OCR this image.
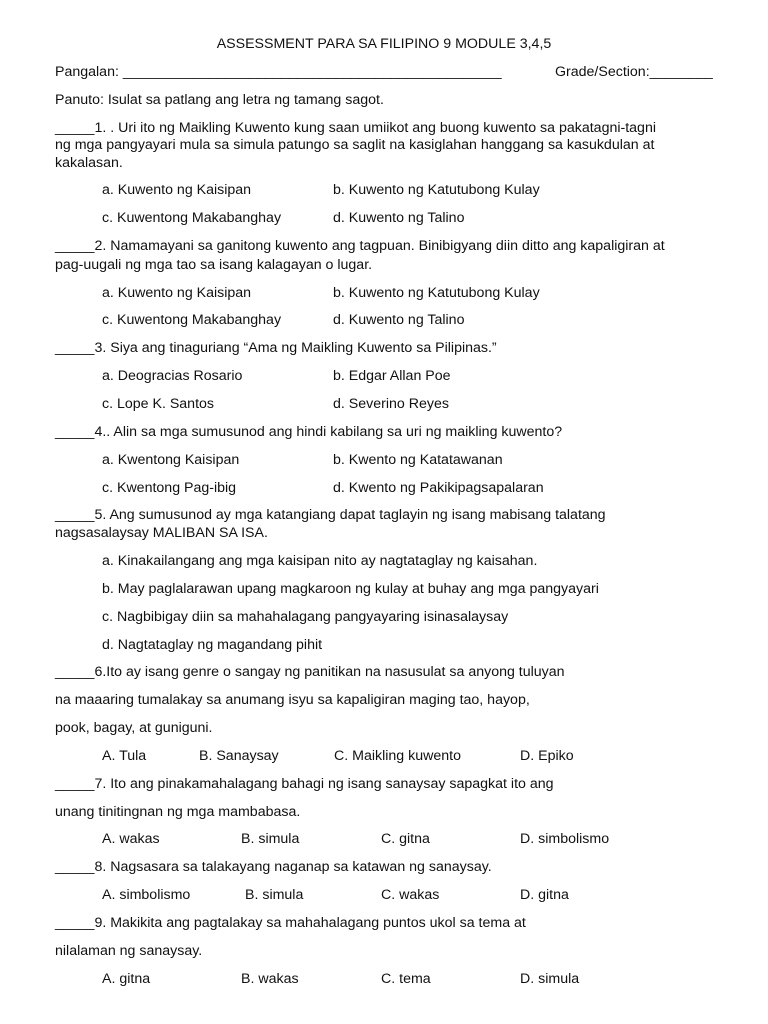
ASSESSMENT PARA SA FILIPINO 9 MODULE 3,4,5
Pangalan: ________________________________________________	Grade/Section:________
Panuto: Isulat sa patlang ang letra ng tamang sagot.
_____1. . Uri ito ng Maikling Kuwento kung saan umiikot ang buong kuwento sa pakatagni-tagni
ng mga pangyayari mula sa simula patungo sa saglit na kasiglahan hanggang sa kasukdulan at
kakalasan.
a. Kuwento ng Kaisipan	b. Kuwento ng Katutubong Kulay
c. Kuwentong Makabanghay	d. Kuwento ng Talino
_____2. Namamayani sa ganitong kuwento ang tagpuan. Binibigyang diin ditto ang kapaligiran at
pag-uugali ng mga tao sa isang kalagayan o lugar.
a. Kuwento ng Kaisipan	b. Kuwento ng Katutubong Kulay
c. Kuwentong Makabanghay	d. Kuwento ng Talino
_____3. Siya ang tinaguriang “Ama ng Maikling Kuwento sa Pilipinas.”
a. Deogracias Rosario	b. Edgar Allan Poe
c. Lope K. Santos	d. Severino Reyes
_____4.. Alin sa mga sumusunod ang hindi kabilang sa uri ng maikling kuwento?
a. Kwentong Kaisipan	b. Kwento ng Katatawanan
c. Kwentong Pag-ibig	d. Kwento ng Pakikipagsapalaran
_____5. Ang sumusunod ay mga katangiang dapat taglayin ng isang mabisang talatang
nagsasalaysay MALIBAN SA ISA.
a. Kinakailangang ang mga kaisipan nito ay nagtataglay ng kaisahan.
b. May paglalarawan upang magkaroon ng kulay at buhay ang mga pangyayari
c. Nagbibigay diin sa mahahalagang pangyayaring isinasalaysay
d. Nagtataglay ng magandang pihit
_____6.Ito ay isang genre o sangay ng panitikan na nasusulat sa anyong tuluyan
na maaaring tumalakay sa anumang isyu sa kapaligiran maging tao, hayop,
pook, bagay, at guniguni.
A. Tula	B. Sanaysay	C. Maikling kuwento	D. Epiko
_____7. Ito ang pinakamahalagang bahagi ng isang sanaysay sapagkat ito ang
unang tinitingnan ng mga mambabasa.
A. wakas	B. simula	C. gitna	D. simbolismo
_____8. Nagsasara sa talakayang naganap sa katawan ng sanaysay.
A. simbolismo	B. simula	C. wakas	D. gitna
_____9. Makikita ang pagtalakay sa mahahalagang puntos ukol sa tema at
nilalaman ng sanaysay.
A. gitna	B. wakas	C. tema	D. simula
